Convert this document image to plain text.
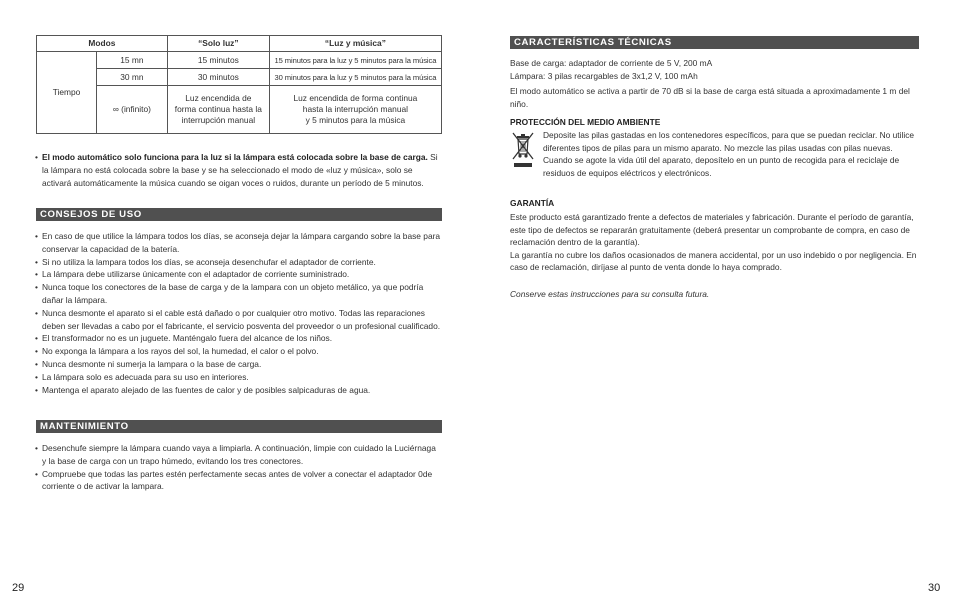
Modos		“Solo luz”	“Luz y música”
Tiempo	15 mn	15 minutos	15 minutos para la luz y 5 minutos para la música
	30 mn	30 minutos	30 minutos para la luz y 5 minutos para la música
	∞ (infinito)	Luz encendida de
forma continua hasta la
interrupción manual	Luz encendida de forma continua
hasta la interrupción manual
y 5 minutos para la música
• El modo automático solo funciona para la luz si la lámpara está colocada sobre la base de carga. Si la lámpara no está colocada sobre la base y se ha seleccionado el modo de «luz y música», solo se activará automáticamente la música cuando se oigan voces o ruidos, durante un período de 5 minutos.
CONSEJOS DE USO
• En caso de que utilice la lámpara todos los días, se aconseja dejar la lámpara cargando sobre la base para conservar la capacidad de la batería.
• Si no utiliza la lampara todos los días, se aconseja desenchufar el adaptador de corriente.
• La lámpara debe utilizarse únicamente con el adaptador de corriente suministrado.
• Nunca toque los conectores de la base de carga y de la lampara con un objeto metálico, ya que podría dañar la lámpara.
• Nunca desmonte el aparato si el cable está dañado o por cualquier otro motivo. Todas las reparaciones deben ser llevadas a cabo por el fabricante, el servicio posventa del proveedor o un profesional cualificado.
• El transformador no es un juguete. Manténgalo fuera del alcance de los niños.
• No exponga la lámpara a los rayos del sol, la humedad, el calor o el polvo.
• Nunca desmonte ni sumerja la lampara o la base de carga.
• La lámpara solo es adecuada para su uso en interiores.
• Mantenga el aparato alejado de las fuentes de calor y de posibles salpicaduras de agua.
MANTENIMIENTO
• Desenchufe siempre la lámpara cuando vaya a limpiarla. A continuación, limpie con cuidado la Luciérnaga y la base de carga con un trapo húmedo, evitando los tres conectores.
• Compruebe que todas las partes estén perfectamente secas antes de volver a conectar el adaptador 0de corriente o de activar la lampara.
29
CARACTERÍSTICAS TÉCNICAS

Base de carga: adaptador de corriente de 5 V, 200 mA

Lámpara: 3 pilas recargables de 3x1,2 V, 100 mAh

El modo automático se activa a partir de 70 dB si la base de carga está situada a aproximadamente 1 m del niño.

PROTECCIÓN DEL MEDIO AMBIENTE
Deposite las pilas gastadas en los contenedores específicos, para que se puedan reciclar. No utilice diferentes tipos de pilas para un mismo aparato. No mezcle las pilas usadas con pilas nuevas. Cuando se agote la vida útil del aparato, deposítelo en un punto de recogida para el reciclaje de residuos de equipos eléctricos y electrónicos.
GARANTÍA

Este producto está garantizado frente a defectos de materiales y fabricación. Durante el período de garantía, este tipo de defectos se repararán gratuitamente (deberá presentar un comprobante de compra, en caso de reclamación dentro de la garantía).

La garantía no cubre los daños ocasionados de manera accidental, por un uso indebido o por negligencia. En caso de reclamación, diríjase al punto de venta donde lo haya comprado.

Conserve estas instrucciones para su consulta futura.
30
